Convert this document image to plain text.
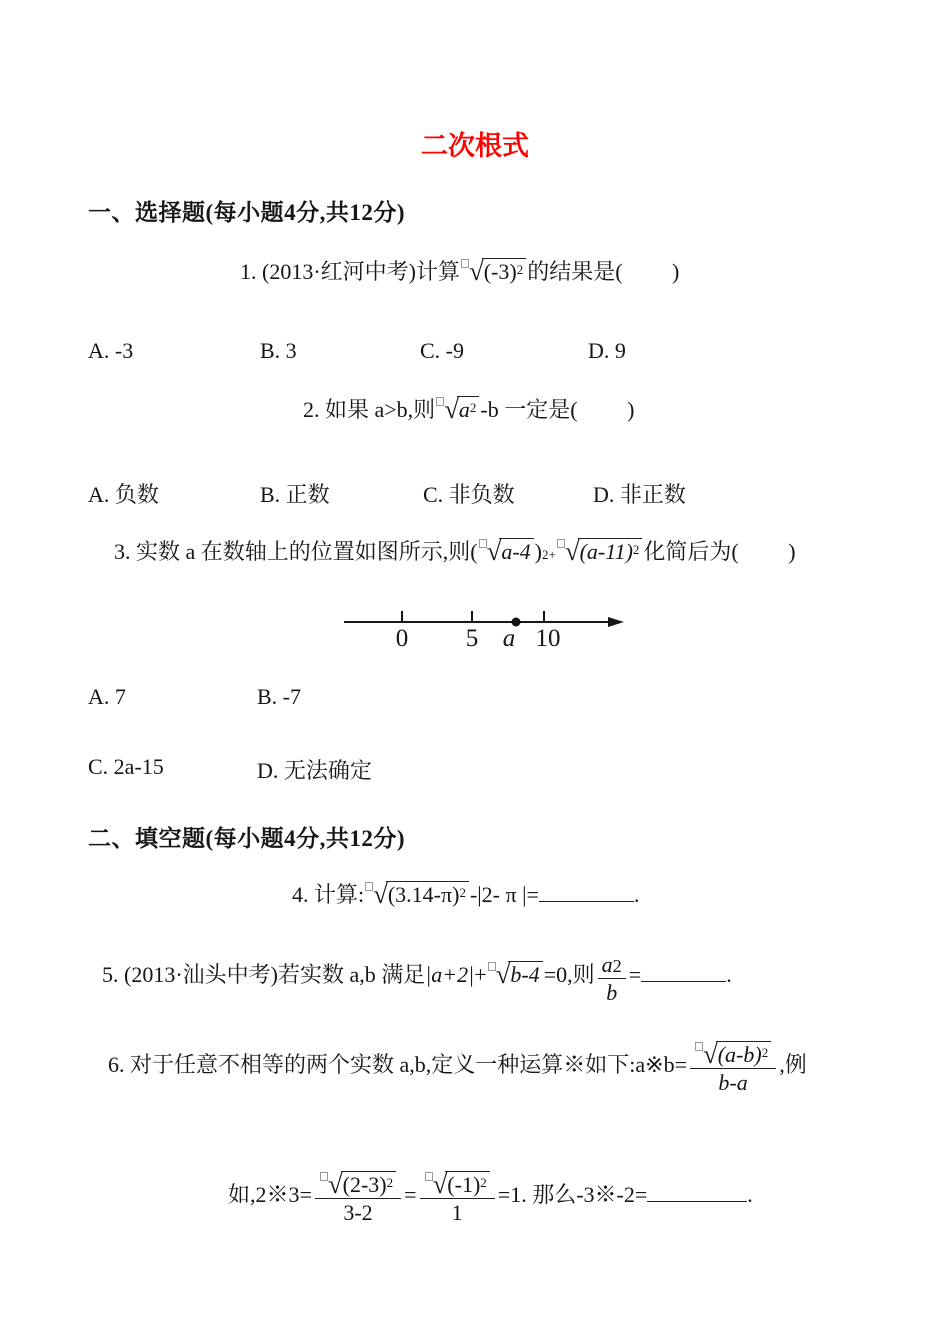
二次根式
一、选择题(每小题4分,共12分)
1. (2013·红河中考)计算 √ $(-3)^2$ 的结果是(　　 )
A. -3	B. 3	C. -9	D. 9
2. 如果 a>b,则 √ $a^2$ -b 一定是(　　 )
A. 负数	B. 正数	C. 非负数	D. 非正数
3. 实数 a 在数轴上的位置如图所示,则( √ a-4 ) 2+ √ $(a-11)^2$ 化简后为(　　 )
0 5 a 10
A. 7	B. -7
C. 2a-15	D. 无法确定
二、填空题(每小题4分,共12分)
4. 计算: √ $(3.14-\pi)^2$ -|2- π |=	.
5. (2013·汕头中考)若实数 a,b 满足 |a+2| + √ b-4 =0,则 $\frac{a 2}{b}$ =	.
6. 对于任意不相等的两个实数 a,b,定义一种运算※如下:a※b= $\frac{√ (a-b)^2}{b-a}$ ,例
如,2※3= $\frac{√ (2-3)^2}{3-2} = \frac{√ (-1)^2}{1} =1$. 那么-3※-2=	.
